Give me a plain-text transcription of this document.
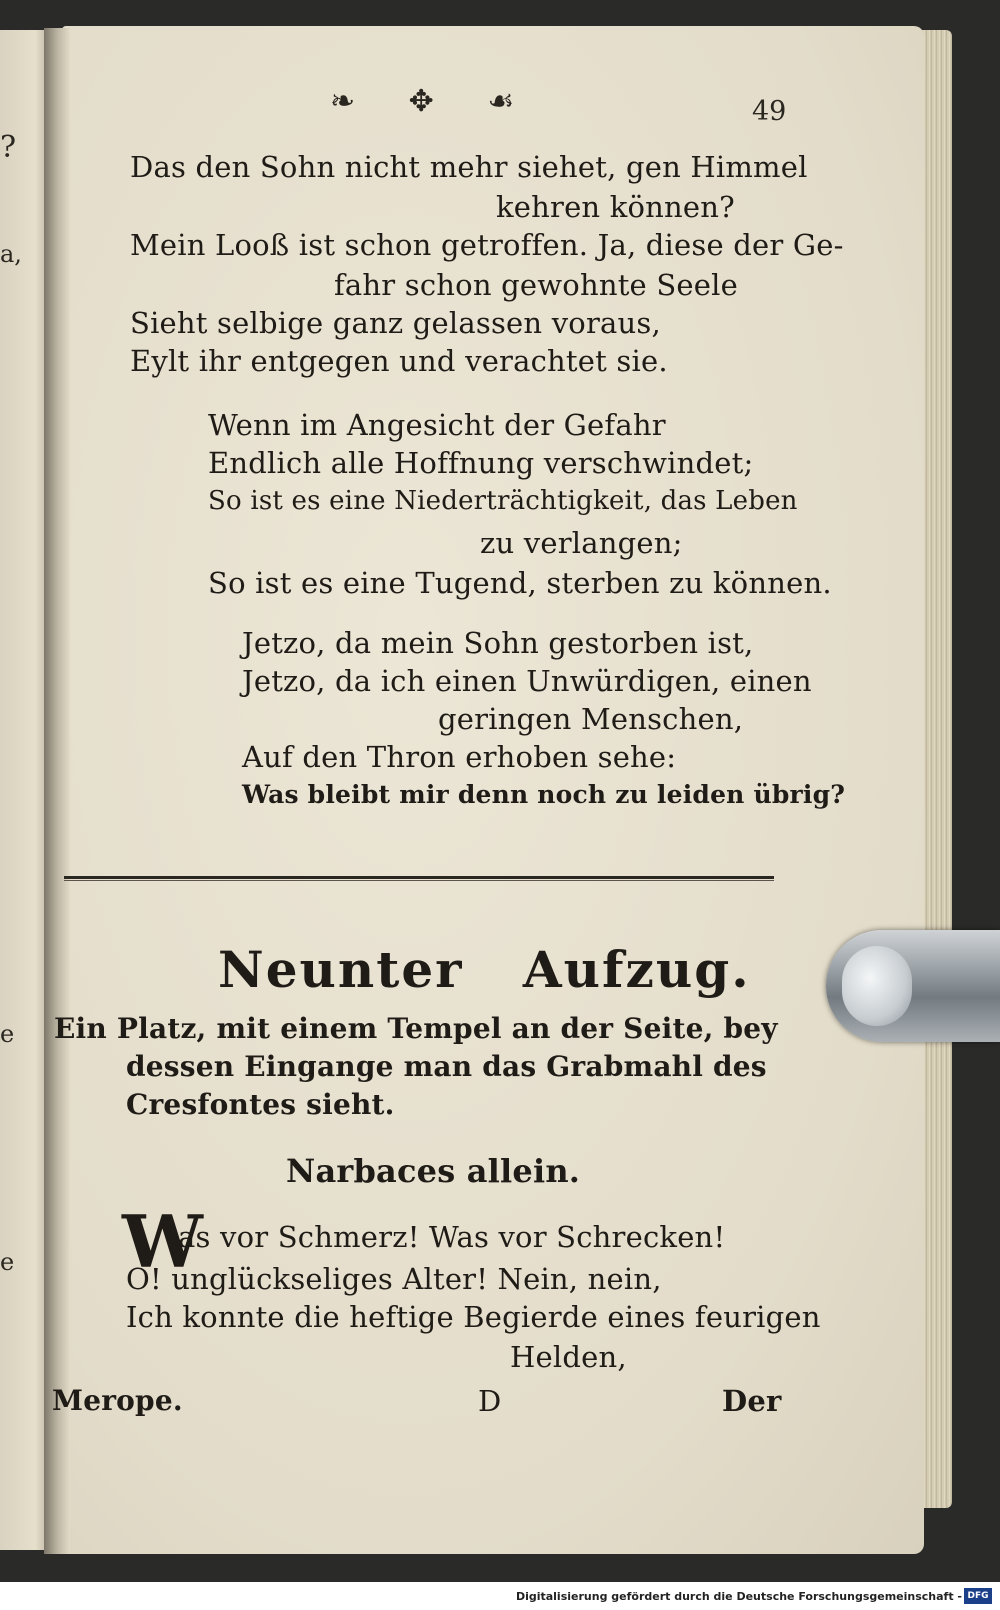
?
a,
e
e
❧ ✥ ☙	49
Das den Sohn nicht mehr siehet, gen Himmel
kehren können?
Mein Looß ist schon getroffen. Ja, diese der Ge-
fahr schon gewohnte Seele
Sieht selbige ganz gelassen voraus,
Eylt ihr entgegen und verachtet sie.
Wenn im Angesicht der Gefahr
Endlich alle Hoffnung verschwindet;
So ist es eine Niederträchtigkeit, das Leben
zu verlangen;
So ist es eine Tugend, sterben zu können.
Jetzo, da mein Sohn gestorben ist,
Jetzo, da ich einen Unwürdigen, einen
geringen Menschen,
Auf den Thron erhoben sehe:
Was bleibt mir denn noch zu leiden übrig?
Neunter Aufzug.
Ein Platz, mit einem Tempel an der Seite, bey
dessen Eingange man das Grabmahl des
Cresfontes sieht.
Narbaces allein.
W
as vor Schmerz! Was vor Schrecken!
O! unglückseliges Alter! Nein, nein,
Ich konnte die heftige Begierde eines feurigen
Helden,
Merope.	D	Der
Digitalisierung gefördert durch die Deutsche Forschungsgemeinschaft - DFG
